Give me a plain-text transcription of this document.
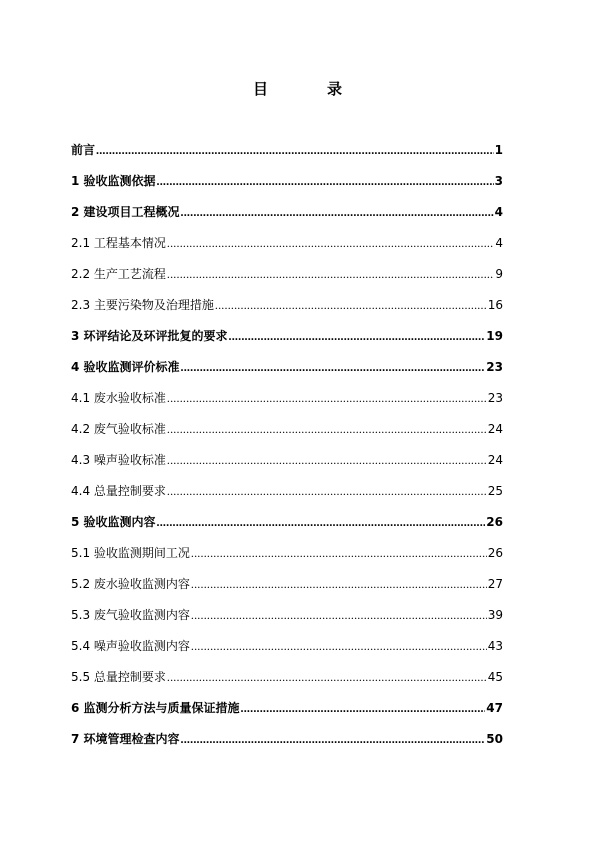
目　录
前言 .....	1
1 验收监测依据 .....	3
2 建设项目工程概况 .....	4
2.1 工程基本情况 .....	4
2.2 生产工艺流程 .....	9
2.3 主要污染物及治理措施 .....	16
3 环评结论及环评批复的要求 .....	19
4 验收监测评价标准 .....	23
4.1 废水验收标准 .....	23
4.2 废气验收标准 .....	24
4.3 噪声验收标准 .....	24
4.4 总量控制要求 .....	25
5 验收监测内容 .....	26
5.1 验收监测期间工况 .....	26
5.2 废水验收监测内容 .....	27
5.3 废气验收监测内容 .....	39
5.4 噪声验收监测内容 .....	43
5.5 总量控制要求 .....	45
6 监测分析方法与质量保证措施 .....	47
7 环境管理检查内容 .....	50
